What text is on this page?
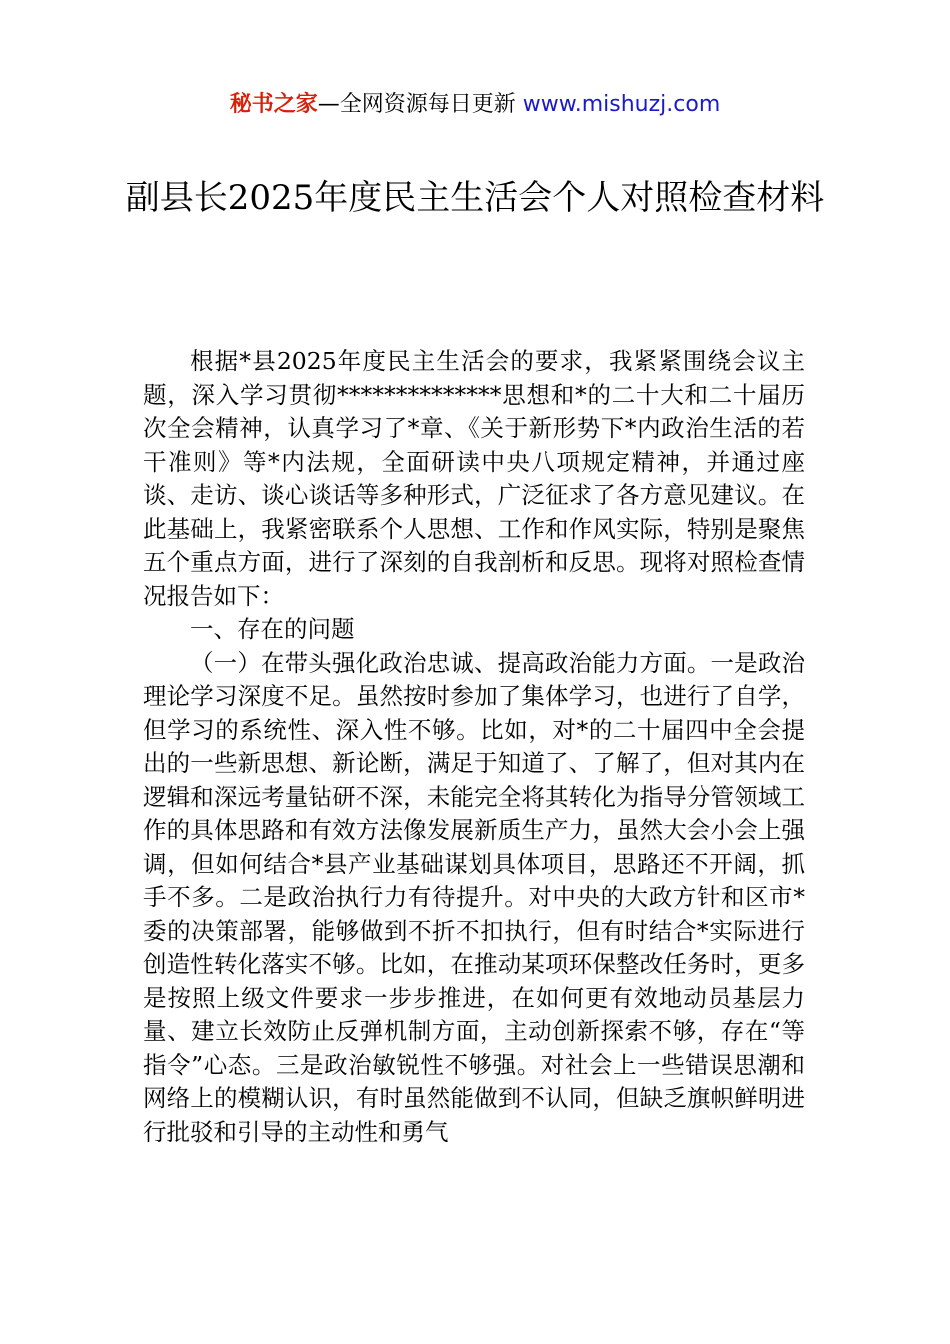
秘书之家—全网资源每日更新 www.mishuzj.com
副县长2025年度民主生活会个人对照检查材料

根据*县2025年度民主生活会的要求，我紧紧围绕会议主题，深入学习贯彻**************思想和*的二十大和二十届历次全会精神，认真学习了*章、《关于新形势下*内政治生活的若干准则》等*内法规，全面研读中央八项规定精神，并通过座谈、走访、谈心谈话等多种形式，广泛征求了各方意见建议。在此基础上，我紧密联系个人思想、工作和作风实际，特别是聚焦五个重点方面，进行了深刻的自我剖析和反思。现将对照检查情况报告如下：

一、存在的问题

（一）在带头强化政治忠诚、提高政治能力方面。一是政治理论学习深度不足。虽然按时参加了集体学习，也进行了自学，但学习的系统性、深入性不够。比如，对*的二十届四中全会提出的一些新思想、新论断，满足于知道了、了解了，但对其内在逻辑和深远考量钻研不深，未能完全将其转化为指导分管领域工作的具体思路和有效方法像发展新质生产力，虽然大会小会上强调，但如何结合*县产业基础谋划具体项目，思路还不开阔，抓手不多。二是政治执行力有待提升。对中央的大政方针和区市*委的决策部署，能够做到不折不扣执行，但有时结合*实际进行创造性转化落实不够。比如，在推动某项环保整改任务时，更多是按照上级文件要求一步步推进，在如何更有效地动员基层力量、建立长效防止反弹机制方面，主动创新探索不够，存在“等指令”心态。三是政治敏锐性不够强。对社会上一些错误思潮和网络上的模糊认识，有时虽然能做到不认同，但缺乏旗帜鲜明进行批驳和引导的主动性和勇气
